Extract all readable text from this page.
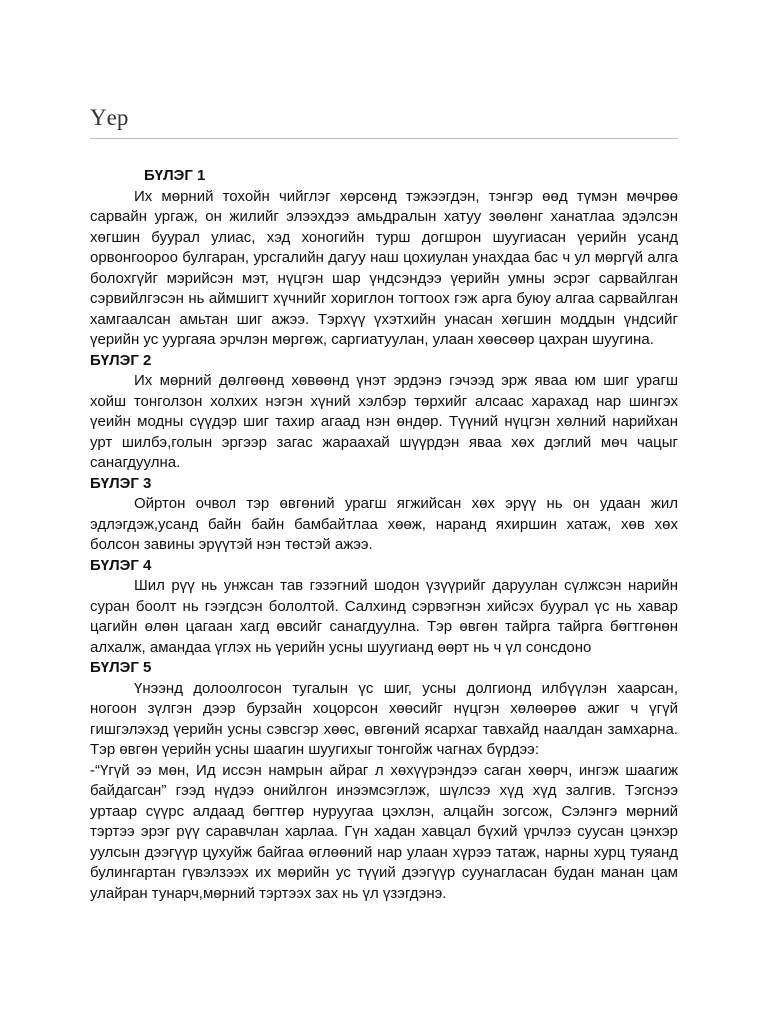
Үер
БҮЛЭГ 1

Их мөрний тохойн чийглэг хөрсөнд тэжээгдэн, тэнгэр өөд түмэн мөчрөө сарвайн ургаж, он жилийг элээхдээ амьдралын хатуу зөөлөнг ханатлаа эдэлсэн хөгшин буурал улиас, хэд хоногийн турш догшрон шуугиасан үерийн усанд орвонгоороо булгаран, урсгалийн дагуу наш цохиулан унахдаа бас ч ул мөргүй алга болохгүйг мэрийсэн мэт, нүцгэн шар үндсэндээ үерийн умны эсрэг сарвайлган сэрвийлгэсэн нь аймшигт хүчнийг хориглон тогтоох гэж арга буюу алгаа сарвайлган хамгаалсан амьтан шиг ажээ. Тэрхүү үхэтхийн унасан хөгшин моддын үндсийг үерийн ус уургаяа эрчлэн мөргөж, саргиатуулан, улаан хөөсөөр цахран шуугина.

БҮЛЭГ 2

Их мөрний дөлгөөнд хөвөөнд үнэт эрдэнэ гэчээд эрж яваа юм шиг урагш хойш тонголзон холхих нэгэн хүний хэлбэр төрхийг алсаас харахад нар шингэх үеийн модны сүүдэр шиг тахир агаад нэн өндөр. Түүний нүцгэн хөлний нарийхан урт шилбэ,голын эргээр загас жараахай шүүрдэн яваа хөх дэглий мөч чацыг санагдуулна.

БҮЛЭГ 3

Ойртон очвол тэр өвгөний урагш ягжийсан хөх эрүү нь он удаан жил эдлэгдэж,усанд байн байн бамбайтлаа хөөж, наранд яхиршин хатаж, хөв хөх болсон завины эрүүтэй нэн төстэй ажээ.

БҮЛЭГ 4

Шил рүү нь унжсан тав гэзэгний шодон үзүүрийг даруулан сүлжсэн нарийн суран боолт нь гээгдсэн бололтой. Салхинд сэрвэгнэн хийсэх буурал үс нь хавар цагийн өлөн цагаан хагд өвсийг санагдуулна. Тэр өвгөн тайрга тайрга бөгтгөнөн алхалж, амандаа үглэх нь үерийн усны шуугианд өөрт нь ч үл сонсдоно

БҮЛЭГ 5

Үнээнд долоолгосон тугалын үс шиг, усны долгионд илбүүлэн хаарсан, ногоон зүлгэн дээр бурзайн хоцорсон хөөсийг нүцгэн хөлөөрөө ажиг ч үгүй гишгэлэхэд үерийн усны сэвсгэр хөөс, өвгөний ясархаг тавхайд наалдан замхарна. Тэр өвгөн үерийн усны шаагин шуугихыг тонгойж чагнах бүрдээ:

-“Үгүй ээ мөн, Ид иссэн намрын айраг л хөхүүрэндээ саган хөөрч, ингэж шаагиж байдагсан” гээд нүдээ онийлгон инээмсэглэж, шүлсээ хүд хүд залгив. Тэгснээ уртаар сүүрс алдаад бөгтгөр нуруугаа цэхлэн, алцайн зогсож, Сэлэнгэ мөрний тэртээ эрэг рүү саравчлан харлаа. Гүн хадан хавцал бүхий үрчлээ суусан цэнхэр уулсын дээгүүр цухуйж байгаа өглөөний нар улаан хүрээ татаж, нарны хурц туяанд булингартан гүвэлзээх их мөрийн ус түүий дээгүүр суунагласан будан манан цам улайран тунарч,мөрний тэртээх зах нь үл үзэгдэнэ.
